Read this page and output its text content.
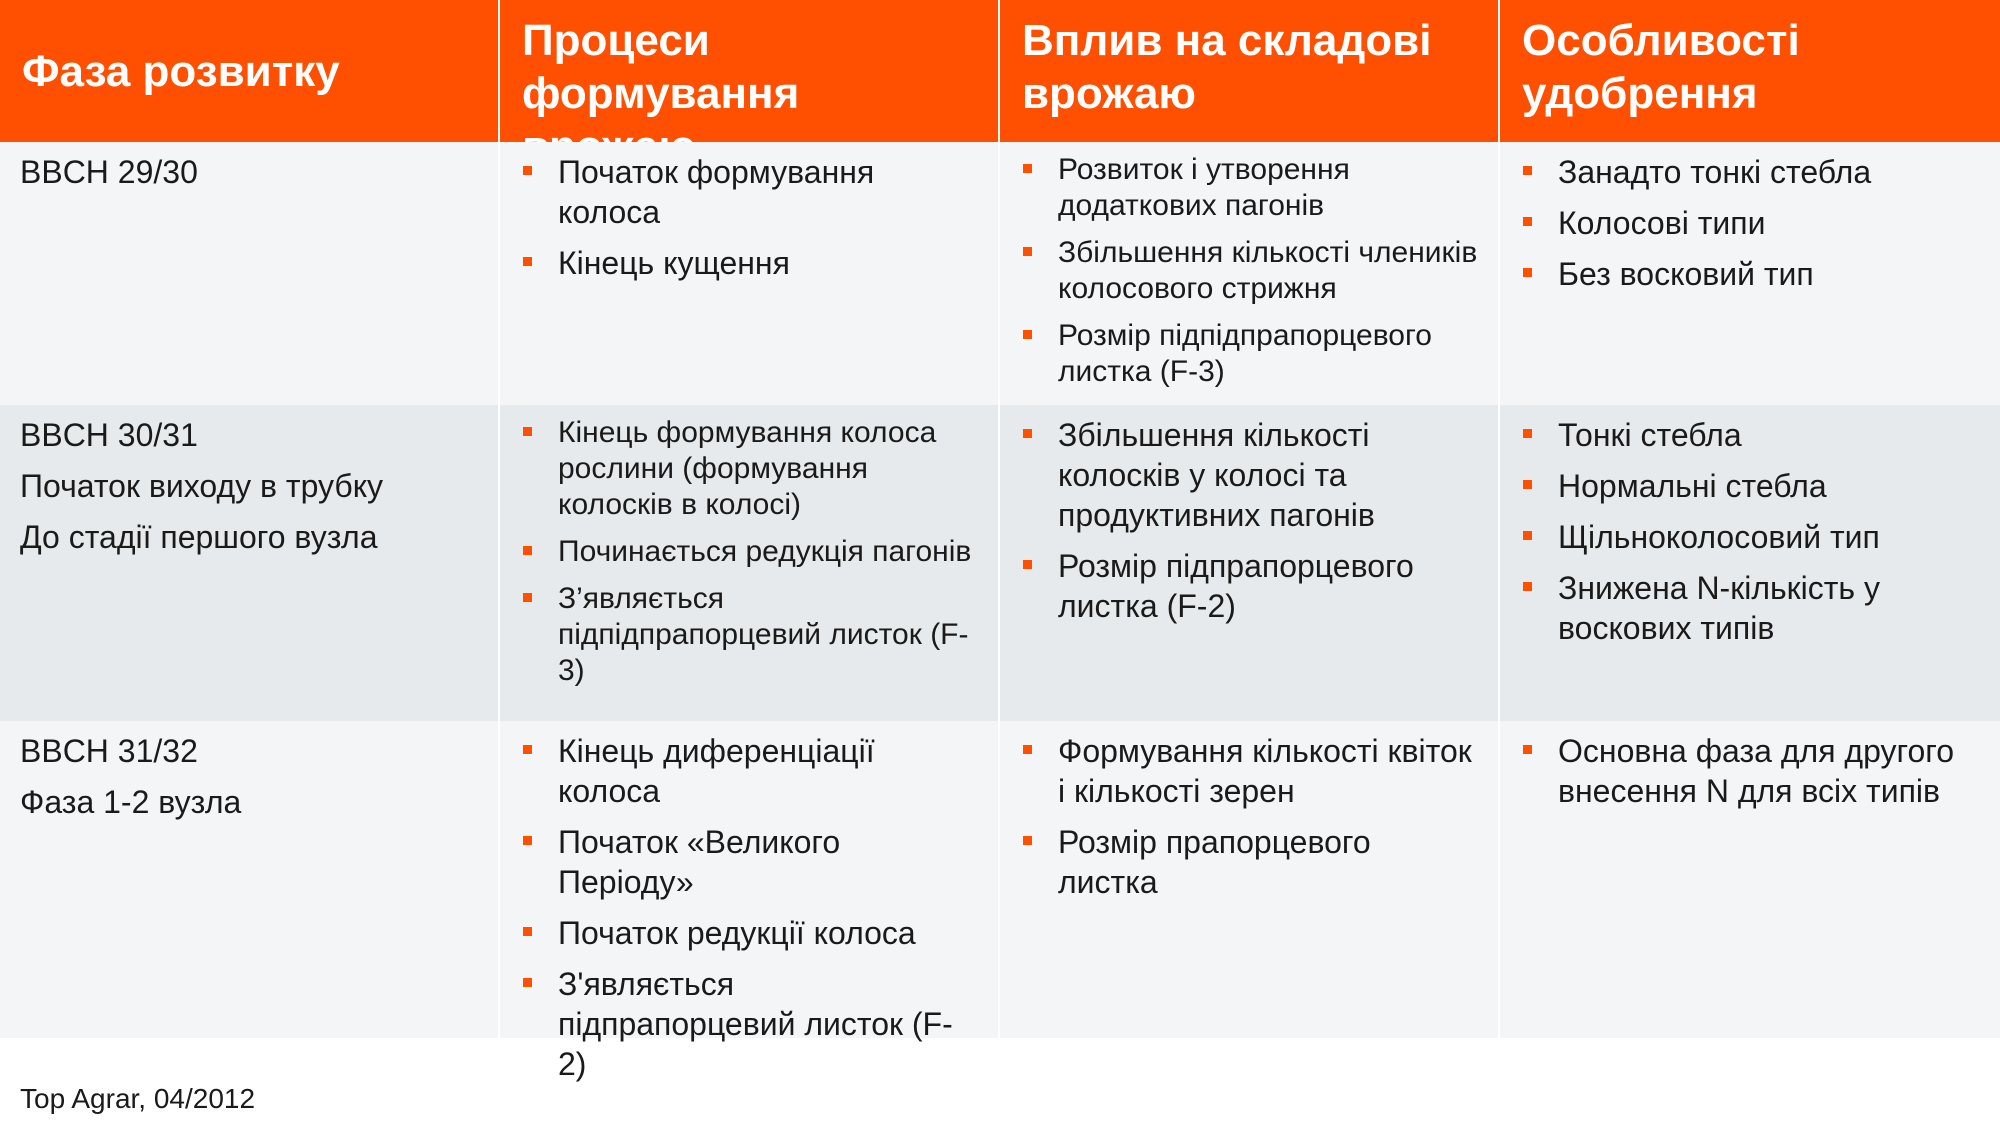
Фаза розвитку
Процеси формування
Вплив на складові врожаю
Особливості удобрення
BBCH 29/30	Початок формування колоса
Кінець кущення
Розвиток і утворення додаткових пагонів
Збільшення кількості члеників колосового стрижня
Розмір підпідпрапорцевого листка (F-3)
Занадто тонкі стебла
Колосові типи
Без восковий тип
BBCH 30/31
Початок виходу в трубку
До стадії першого вузла
Кінець формування колоса рослини (формування колосків в колосі)
Починається редукція пагонів
З’являється підпідпрапорцевий листок (F-3)
Збільшення кількості колосків у колосі та продуктивних пагонів
Розмір підпрапорцевого листка (F-2)
Тонкі стебла
Нормальні стебла
Щільноколосовий тип
Знижена N-кількість у воскових типів
BBCH 31/32
Фаза 1-2 вузла
Кінець диференціації колоса
Початок «Великого Періоду»
Початок редукції колоса
З'являється підпрапорцевий листок (F-2)
Формування кількості квіток і кількості зерен
Розмір прапорцевого листка
Основна фаза для другого внесення N для всіх типів
Top Agrar, 04/2012
